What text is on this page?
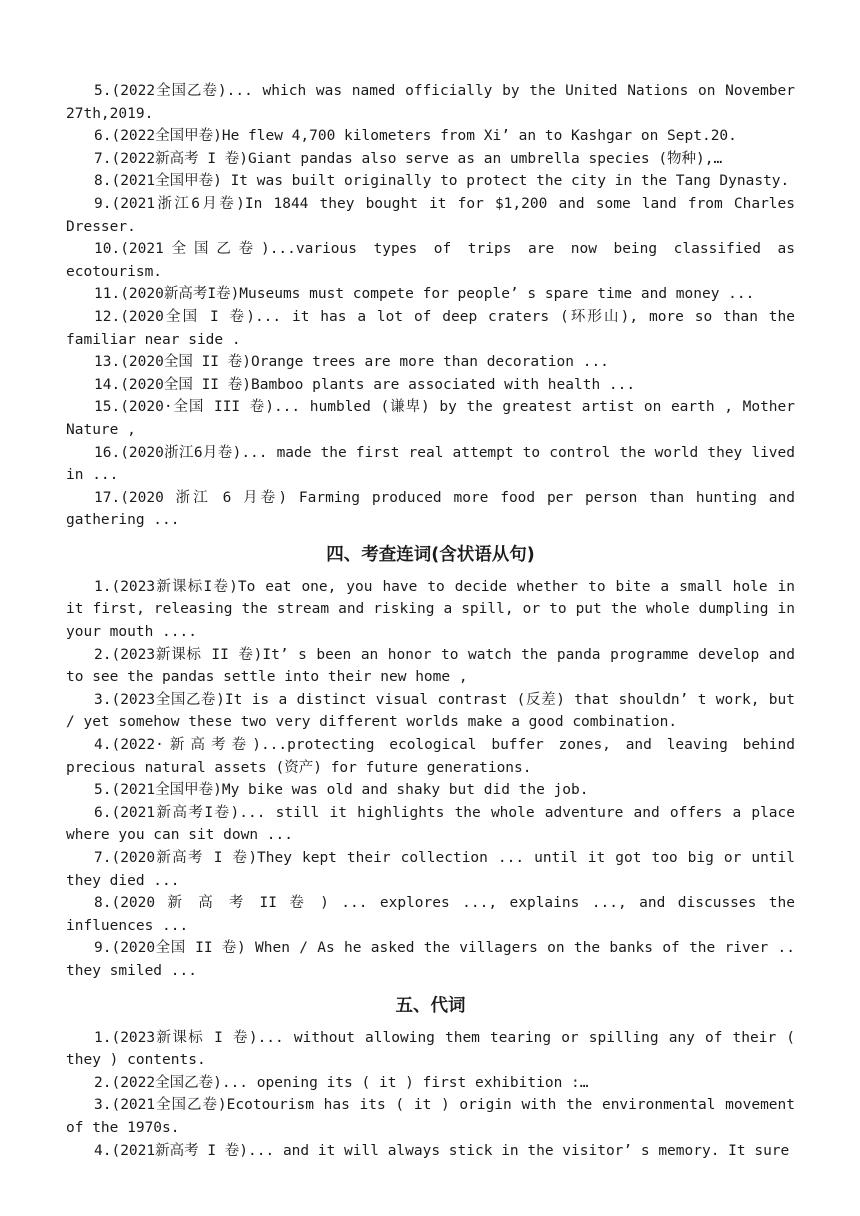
5.(2022全国乙卷)... which was named officially by the United Nations on November 27th,2019.

6.(2022全国甲卷)He flew 4,700 kilometers from Xi’ an to Kashgar on Sept.20.

7.(2022新高考 I 卷)Giant pandas also serve as an umbrella species (物种),…

8.(2021全国甲卷) It was built originally to protect the city in the Tang Dynasty.

9.(2021浙江6月卷)In 1844 they bought it for $1,200 and some land from Charles Dresser.

10.(2021全国乙卷)...various types of trips are now being classified as ecotourism.

11.(2020新高考I卷)Museums must compete for people’ s spare time and money ...

12.(2020全国 I 卷)... it has a lot of deep craters (环形山), more so than the familiar near side .

13.(2020全国 II 卷)Orange trees are more than decoration ...

14.(2020全国 II 卷)Bamboo plants are associated with health ...

15.(2020·全国 III 卷)... humbled (谦卑) by the greatest artist on earth , Mother Nature ,

16.(2020浙江6月卷)... made the first real attempt to control the world they lived in ...

17.(2020 浙江 6 月卷) Farming produced more food per person than hunting and gathering ...

四、考查连词(含状语从句)

1.(2023新课标I卷)To eat one, you have to decide whether to bite a small hole in it first, releasing the stream and risking a spill, or to put the whole dumpling in your mouth ....

2.(2023新课标 II 卷)It’ s been an honor to watch the panda programme develop and to see the pandas settle into their new home ,

3.(2023全国乙卷)It is a distinct visual contrast (反差) that shouldn’ t work, but / yet somehow these two very different worlds make a good combination.

4.(2022·新高考卷)...protecting ecological buffer zones, and leaving behind precious natural assets (资产) for future generations.

5.(2021全国甲卷)My bike was old and shaky but did the job.

6.(2021新高考I卷)... still it highlights the whole adventure and offers a place where you can sit down ...

7.(2020新高考 I 卷)They kept their collection ... until it got too big or until they died ...

8.(2020 新 高 考 II 卷 ) ... explores ..., explains ..., and discusses the influences ...

9.(2020全国 II 卷) When / As he asked the villagers on the banks of the river .. they smiled ...

五、代词

1.(2023新课标 I 卷)... without allowing them tearing or spilling any of their ( they ) contents.

2.(2022全国乙卷)... opening its ( it ) first exhibition :…

3.(2021全国乙卷)Ecotourism has its ( it ) origin with the environmental movement of the 1970s.

4.(2021新高考 I 卷)... and it will always stick in the visitor’ s memory. It sure
